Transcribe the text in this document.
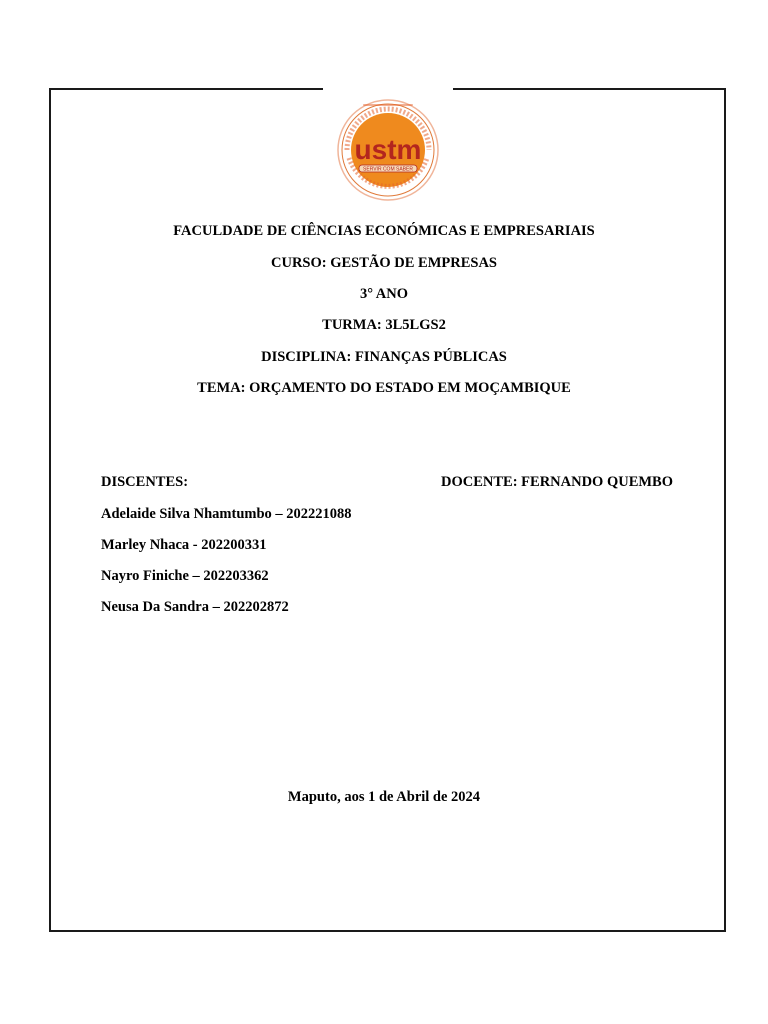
ustm
SERVIR COM SABER

FACULDADE DE CIÊNCIAS ECONÓMICAS E EMPRESARIAIS

CURSO: GESTÃO DE EMPRESAS

3° ANO

TURMA: 3L5LGS2

DISCIPLINA: FINANÇAS PÚBLICAS

TEMA: ORÇAMENTO DO ESTADO EM MOÇAMBIQUE

DISCENTES:	DOCENTE: FERNANDO QUEMBO

Adelaide Silva Nhamtumbo – 202221088

Marley Nhaca - 202200331

Nayro Finiche – 202203362

Neusa Da Sandra – 202202872

Maputo, aos 1 de Abril de 2024
